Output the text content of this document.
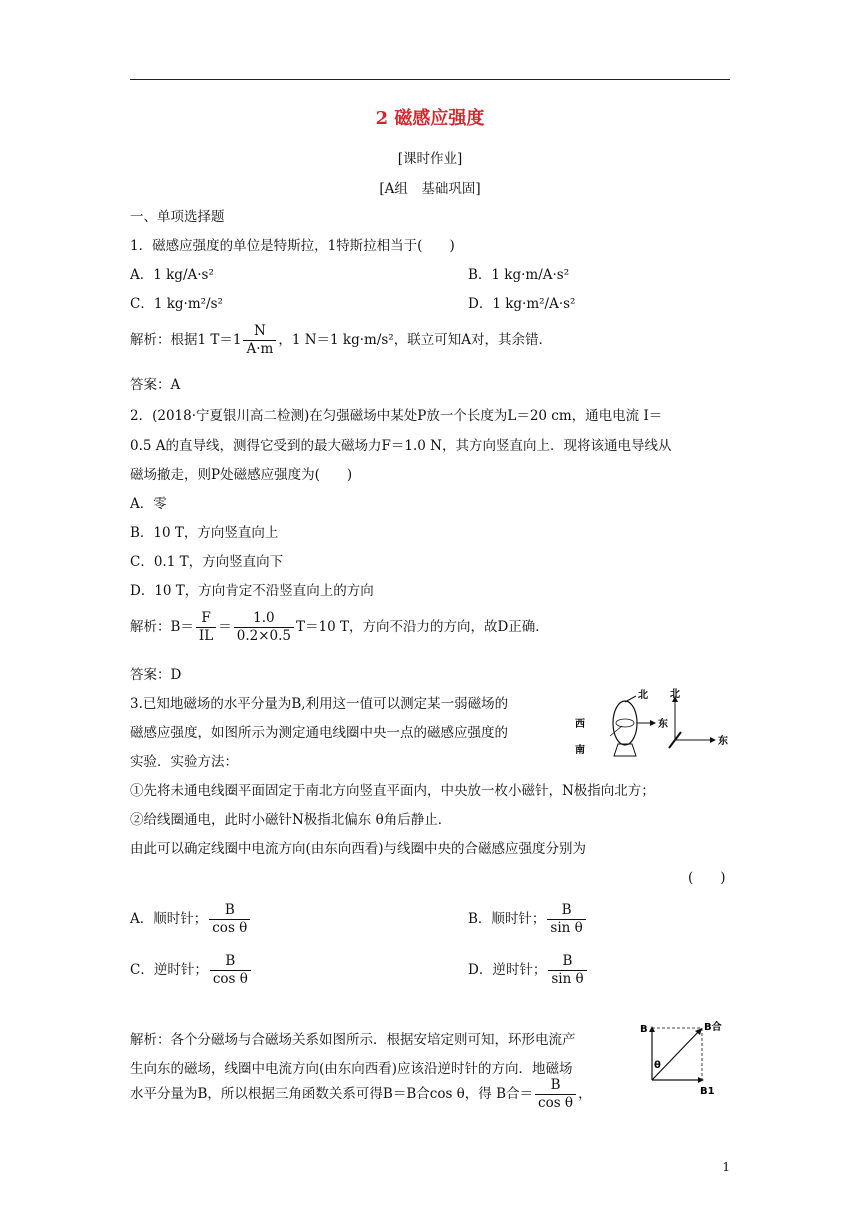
2 磁感应强度
[课时作业]
[A组　基础巩固]
一、单项选择题
1．磁感应强度的单位是特斯拉，1特斯拉相当于(　　)
A．1 kg/A·s²	B．1 kg·m/A·s²
C．1 kg·m²/s²	D．1 kg·m²/A·s²
解析：根据1 $T=1 \frac{N}{A\cdot m}$ ，1 N＝1 kg·m/s²，联立可知A对，其余错．
答案：A
2．(2018·宁夏银川高二检测)在匀强磁场中某处P放一个长度为L＝20 cm，通电电流 I＝
0.5 A的直导线，测得它受到的最大磁场力F＝1.0 N，其方向竖直向上．现将该通电导线从
磁场撤走，则P处磁感应强度为(　　)
A．零
B．10 T，方向竖直向上
C．0.1 T，方向竖直向下
D．10 T，方向肯定不沿竖直向上的方向
解析：$B= \frac{F}{IL} = \frac{1.0}{0.2\times 0.5} T=10$ T，方向不沿力的方向，故D正确．
答案：D
3.已知地磁场的水平分量为B,利用这一值可以测定某一弱磁场的
磁感应强度，如图所示为测定通电线圈中央一点的磁感应强度的
实验．实验方法：
北
西	东
南
北
东
①先将未通电线圈平面固定于南北方向竖直平面内，中央放一枚小磁针，N极指向北方；
②给线圈通电，此时小磁针N极指北偏东 θ角后静止．
由此可以确定线圈中电流方向(由东向西看)与线圈中央的合磁感应强度分别为
(　　)
A．顺时针； $\frac{B}{\text{cos θ}}$	B．顺时针； $\frac{B}{\text{sin θ}}$
C．逆时针； $\frac{B}{\text{cos θ}}$	D．逆时针； $\frac{B}{\text{sin θ}}$
解析：各个分磁场与合磁场关系如图所示．根据安培定则可知，环形电流产
生向东的磁场，线圈中电流方向(由东向西看)应该沿逆时针的方向．地磁场
水平分量为B，所以根据三角函数关系可得B＝B合cos θ，得 B合＝ $\frac{B}{\text{cos θ}}$ ，
B	B合
B1
θ
1
